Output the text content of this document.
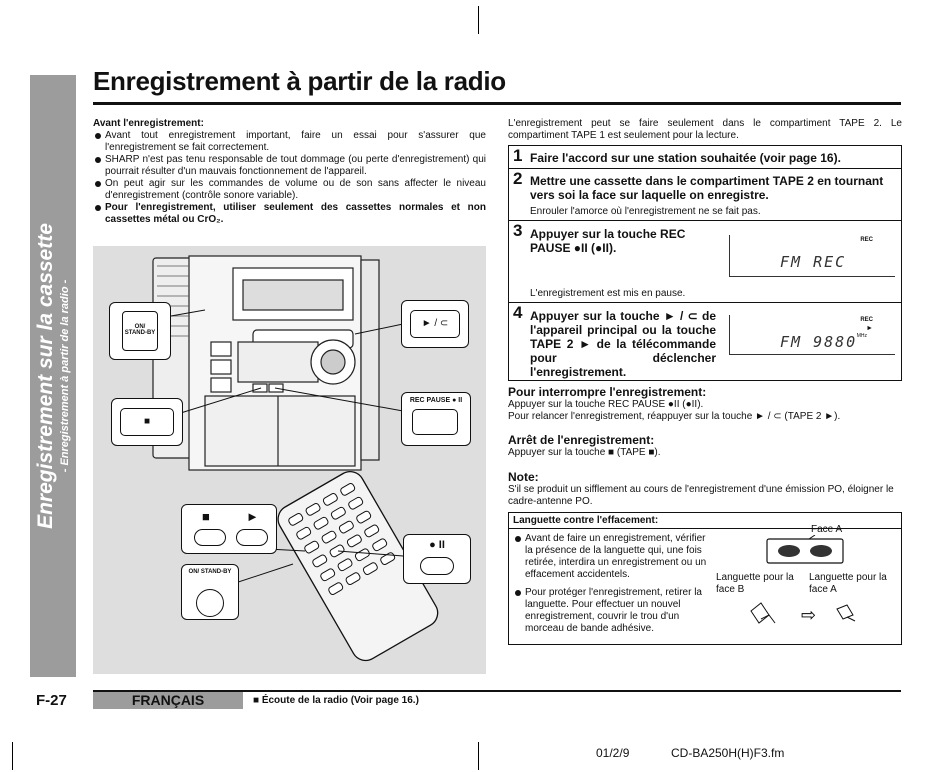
Enregistrement sur la cassette - Enregistrement à partir de la radio -
Enregistrement à partir de la radio
Avant l'enregistrement:
Avant tout enregistrement important, faire un essai pour s'assurer que l'enregistrement se fait correctement.
SHARP n'est pas tenu responsable de tout dommage (ou perte d'enregistrement) qui pourrait résulter d'un mauvais fonctionnement de l'appareil.
On peut agir sur les commandes de volume ou de son sans affecter le niveau d'enregistrement (contrôle sonore variable).
Pour l'enregistrement, utiliser seulement des cassettes normales et non cassettes métal ou CrO₂.
ON/ STAND-BY
► / ⊂
■
REC PAUSE ● II
■	►
ON/ STAND-BY
● II
L'enregistrement peut se faire seulement dans le compartiment TAPE 2. Le compartiment TAPE 1 est seulement pour la lecture.
1 Faire l'accord sur une station souhaitée (voir page 16).
2 Mettre une cassette dans le compartiment TAPE 2 en tournant vers soi la face sur laquelle on enregistre.
Enrouler l'amorce où l'enregistrement ne se fait pas.
3 Appuyer sur la touche REC PAUSE ●II (●II).
REC
FM REC
L'enregistrement est mis en pause.
4 Appuyer sur la touche ► / ⊂ de l'appareil principal ou la touche TAPE 2 ► de la télécommande pour déclencher l'enregistrement.
REC
►
FM 9880 MHz
Pour interrompre l'enregistrement:
Appuyer sur la touche REC PAUSE ●II (●II).
Pour relancer l'enregistrement, réappuyer sur la touche ► / ⊂ (TAPE 2 ►).
Arrêt de l'enregistrement:
Appuyer sur la touche ■ (TAPE ■).
Note:
S'il se produit un sifflement au cours de l'enregistrement d'une émission PO, éloigner le cadre-antenne PO.
Languette contre l'effacement:
Avant de faire un enregistrement, vérifier la présence de la languette qui, une fois retirée, interdira un enregistrement ou un effacement accidentels.
Pour protéger l'enregistrement, retirer la languette. Pour effectuer un nouvel enregistrement, couvrir le trou d'un morceau de bande adhésive.
Face A
Languette pour la face B
Languette pour la face A
⇨
F-27	FRANÇAIS	■ Écoute de la radio (Voir page 16.)
01/2/9	CD-BA250H(H)F3.fm
